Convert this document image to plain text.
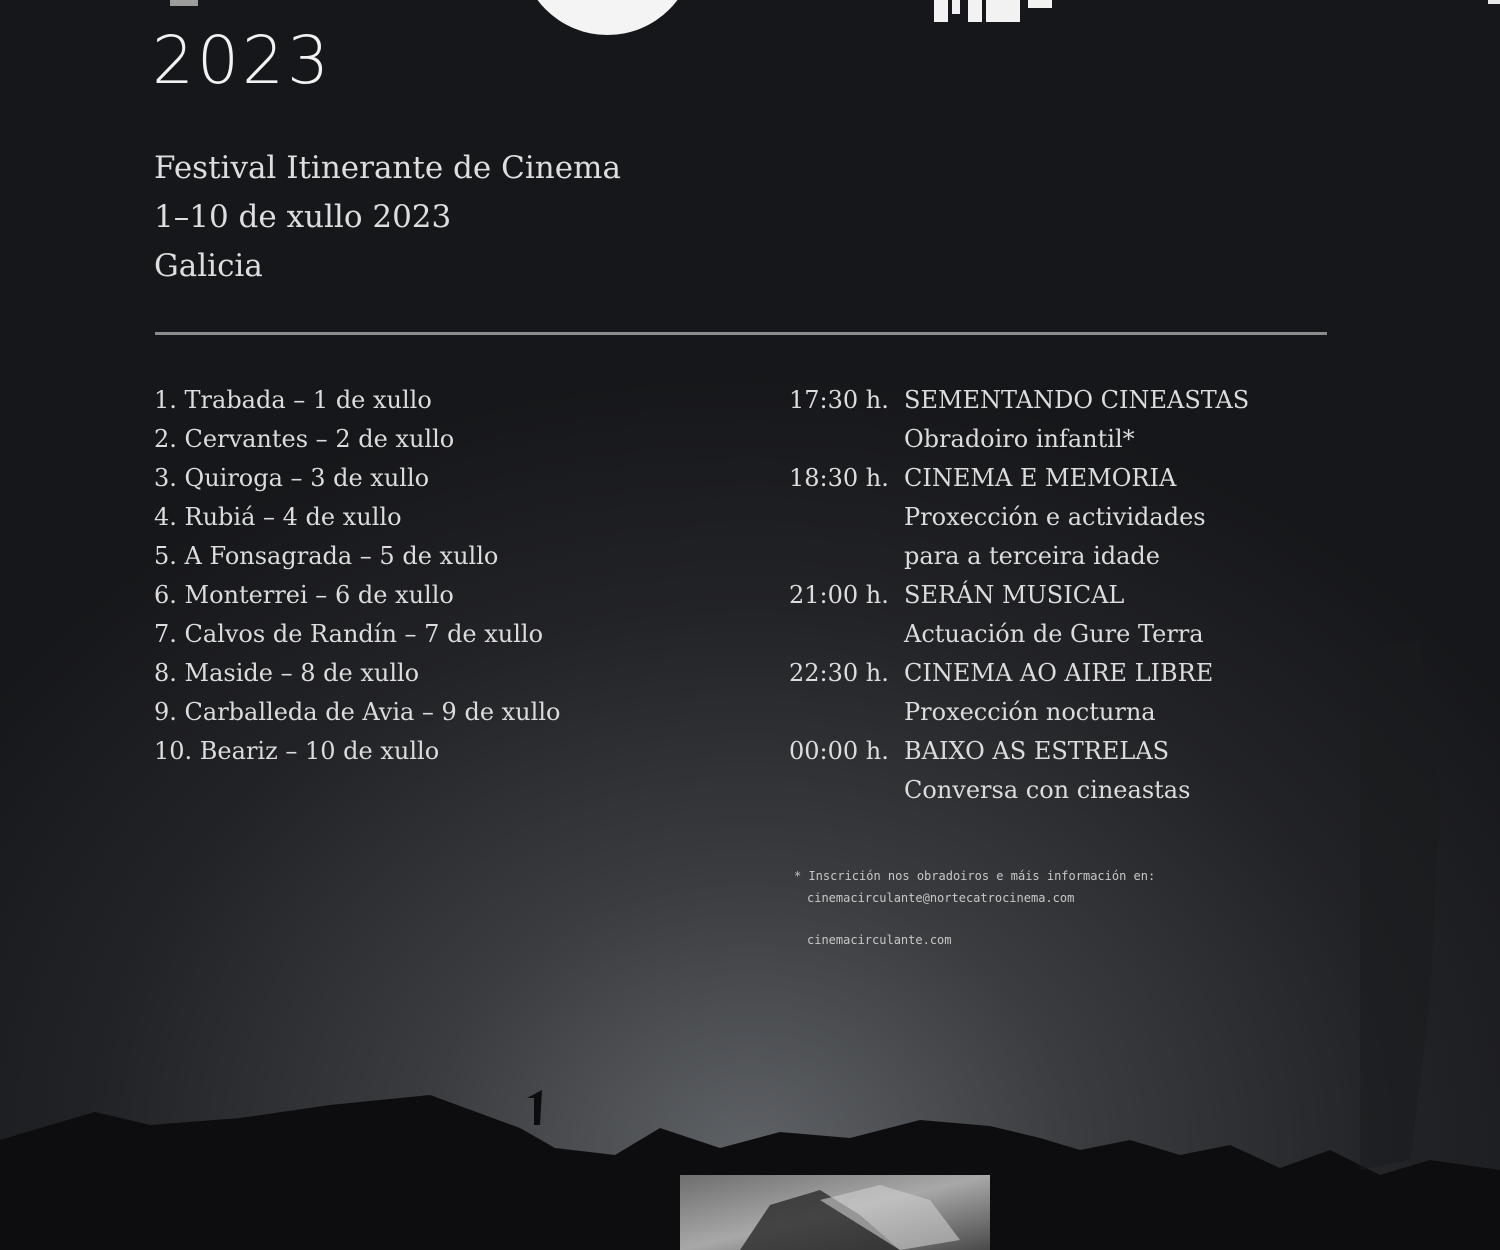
2023
Festival Itinerante de Cinema
1–10 de xullo 2023
Galicia
1. Trabada – 1 de xullo
2. Cervantes – 2 de xullo
3. Quiroga – 3 de xullo
4. Rubiá – 4 de xullo
5. A Fonsagrada – 5 de xullo
6. Monterrei – 6 de xullo
7. Calvos de Randín – 7 de xullo
8. Maside – 8 de xullo
9. Carballeda de Avia – 9 de xullo
10. Beariz – 10 de xullo
17:30 h. SEMENTANDO CINEASTAS
Obradoiro infantil*
18:30 h. CINEMA E MEMORIA
Proxección e actividades
para a terceira idade
21:00 h. SERÁN MUSICAL
Actuación de Gure Terra
22:30 h. CINEMA AO AIRE LIBRE
Proxección nocturna
00:00 h. BAIXO AS ESTRELAS
Conversa con cineastas
* Inscrición nos obradoiros e máis información en:
cinemacirculante@nortecatrocinema.com
cinemacirculante.com
